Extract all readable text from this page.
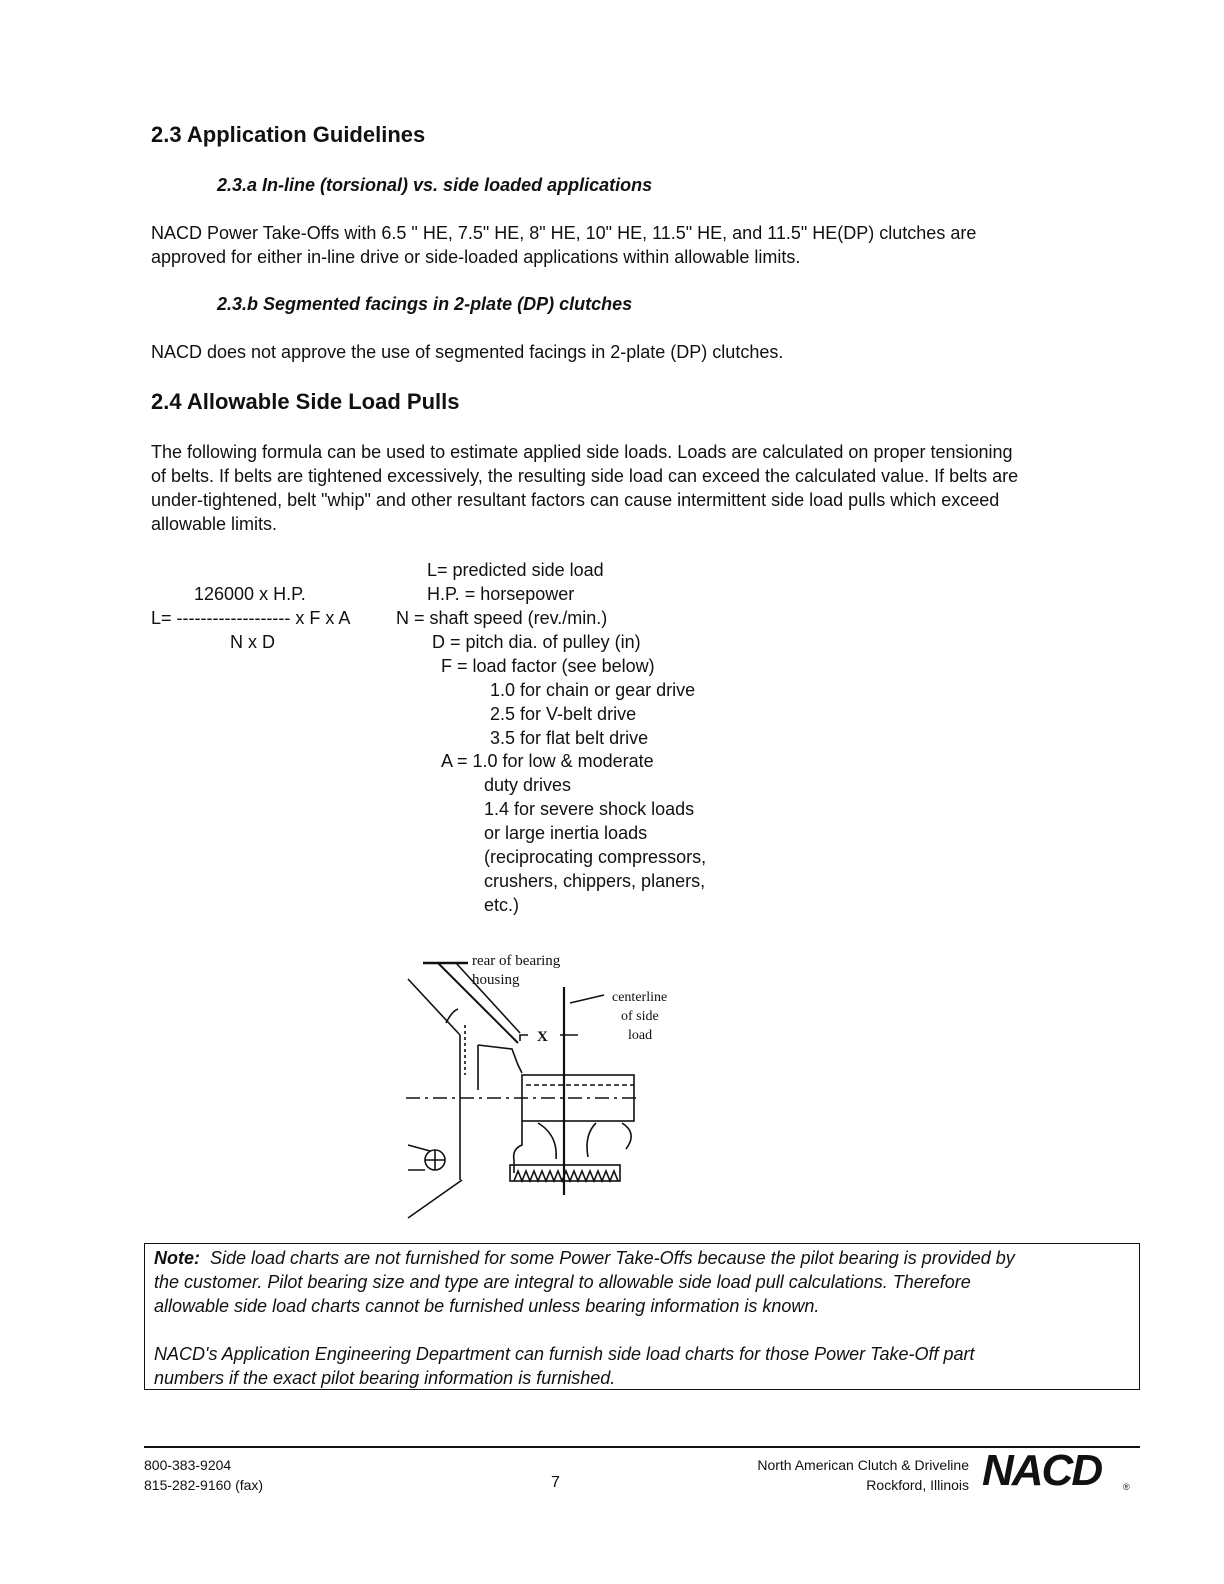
2.3 Application Guidelines
2.3.a In-line (torsional) vs. side loaded applications

NACD Power Take-Offs with 6.5 " HE, 7.5" HE, 8" HE, 10" HE, 11.5" HE, and 11.5" HE(DP) clutches are

approved for either in-line drive or side-loaded applications within allowable limits.

2.3.b Segmented facings in 2-plate (DP) clutches

NACD does not approve the use of segmented facings in 2-plate (DP) clutches.

2.4 Allowable Side Load Pulls

The following formula can be used to estimate applied side loads. Loads are calculated on proper tensioning

of belts. If belts are tightened excessively, the resulting side load can exceed the calculated value. If belts are

under-tightened, belt "whip" and other resultant factors can cause intermittent side load pulls which exceed

allowable limits.

126000 x H.P.
L= ------------------- x F x A
N x D
L= predicted side load
H.P. = horsepower
N = shaft speed (rev./min.)
D = pitch dia. of pulley (in)
F = load factor (see below)
1.0 for chain or gear drive
2.5 for V-belt drive
3.5 for flat belt drive
A = 1.0 for low & moderate
duty drives
1.4 for severe shock loads
or large inertia loads
(reciprocating compressors,
crushers, chippers, planers,
etc.)
rear of bearing
housing
centerline
of side
load
X

Note:  Side load charts are not furnished for some Power Take-Offs because the pilot bearing is provided by

the customer. Pilot bearing size and type are integral to allowable side load pull calculations. Therefore

allowable side load charts cannot be furnished unless bearing information is known.

NACD's Application Engineering Department can furnish side load charts for those Power Take-Off part

numbers if the exact pilot bearing information is furnished.

800-383-9204
815-282-9160 (fax)	7
North American Clutch & Driveline
Rockford, Illinois NACD ®
